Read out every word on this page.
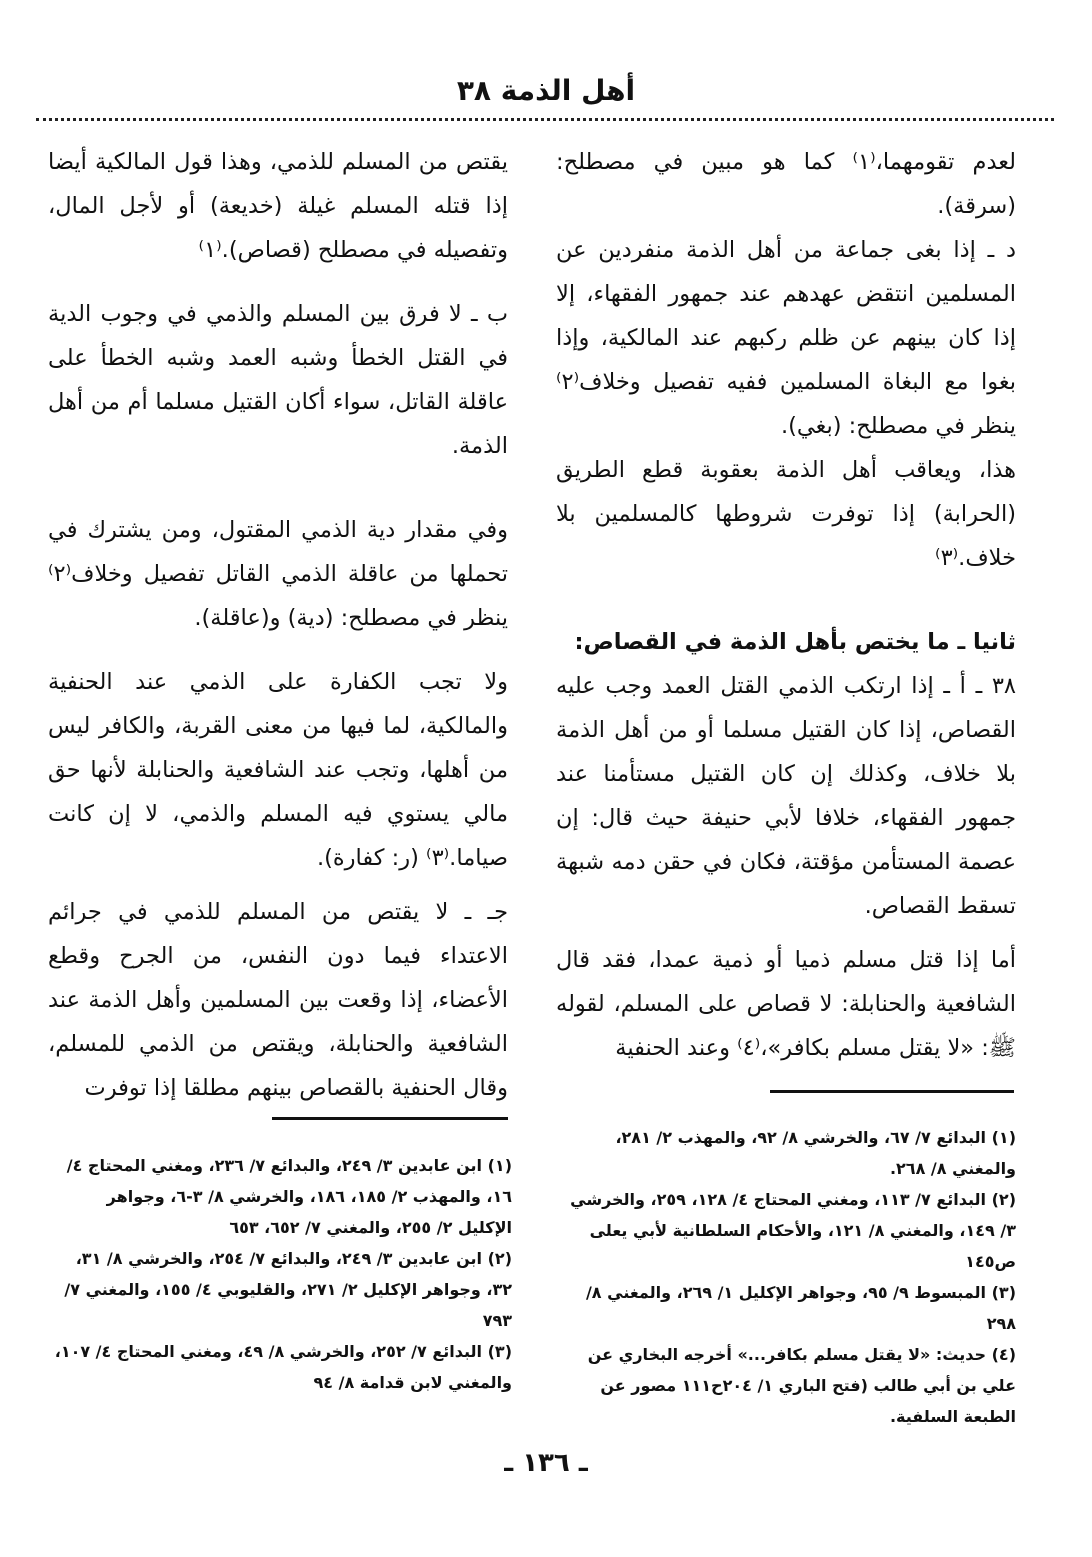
أهل الذمة ٣٨

لعدم تقومهما،⁽١⁾ كما هو مبين في مصطلح: (سرقة).

د ـ إذا بغى جماعة من أهل الذمة منفردين عن المسلمين انتقض عهدهم عند جمهور الفقهاء، إلا إذا كان بينهم عن ظلم ركبهم عند المالكية، وإذا بغوا مع البغاة المسلمين ففيه تفصيل وخلاف⁽٢⁾ ينظر في مصطلح: (بغي).

هذا، ويعاقب أهل الذمة بعقوبة قطع الطريق (الحرابة) إذا توفرت شروطها كالمسلمين بلا خلاف.⁽٣⁾

ثانيا ـ ما يختص بأهل الذمة في القصاص:

٣٨ ـ أ ـ إذا ارتكب الذمي القتل العمد وجب عليه القصاص، إذا كان القتيل مسلما أو من أهل الذمة بلا خلاف، وكذلك إن كان القتيل مستأمنا عند جمهور الفقهاء، خلافا لأبي حنيفة حيث قال: إن عصمة المستأمن مؤقتة، فكان في حقن دمه شبهة تسقط القصاص.

أما إذا قتل مسلم ذميا أو ذمية عمدا، فقد قال الشافعية والحنابلة: لا قصاص على المسلم، لقوله ﷺ: «لا يقتل مسلم بكافر»،⁽٤⁾ وعند الحنفية

يقتص من المسلم للذمي، وهذا قول المالكية أيضا إذا قتله المسلم غيلة (خديعة) أو لأجل المال، وتفصيله في مصطلح (قصاص).⁽١⁾

ب ـ لا فرق بين المسلم والذمي في وجوب الدية في القتل الخطأ وشبه العمد وشبه الخطأ على عاقلة القاتل، سواء أكان القتيل مسلما أم من أهل الذمة.

وفي مقدار دية الذمي المقتول، ومن يشترك في تحملها من عاقلة الذمي القاتل تفصيل وخلاف⁽٢⁾ ينظر في مصطلح: (دية) و(عاقلة).

ولا تجب الكفارة على الذمي عند الحنفية والمالكية، لما فيها من معنى القربة، والكافر ليس من أهلها، وتجب عند الشافعية والحنابلة لأنها حق مالي يستوي فيه المسلم والذمي، لا إن كانت صياما.⁽٣⁾ (ر: كفارة).

جـ ـ لا يقتص من المسلم للذمي في جرائم الاعتداء فيما دون النفس، من الجرح وقطع الأعضاء، إذا وقعت بين المسلمين وأهل الذمة عند الشافعية والحنابلة، ويقتص من الذمي للمسلم، وقال الحنفية بالقصاص بينهم مطلقا إذا توفرت

(١) البدائع ٧/ ٦٧، والخرشي ٨/ ٩٢، والمهذب ٢/ ٢٨١، والمغني ٨/ ٢٦٨.

(٢) البدائع ٧/ ١١٣، ومغني المحتاج ٤/ ١٢٨، ٢٥٩، والخرشي ٣/ ١٤٩، والمغني ٨/ ١٢١، والأحكام السلطانية لأبي يعلى ص١٤٥

(٣) المبسوط ٩/ ٩٥، وجواهر الإكليل ١/ ٢٦٩، والمغني ٨/ ٢٩٨

(٤) حديث: «لا يقتل مسلم بكافر...» أخرجه البخاري عن علي بن أبي طالب (فتح الباري ١/ ٢٠٤ح١١١ مصور عن الطبعة السلفية.

(١) ابن عابدين ٣/ ٢٤٩، والبدائع ٧/ ٢٣٦، ومغني المحتاج ٤/ ١٦، والمهذب ٢/ ١٨٥، ١٨٦، والخرشي ٨/ ٣-٦، وجواهر الإكليل ٢/ ٢٥٥، والمغني ٧/ ٦٥٢، ٦٥٣

(٢) ابن عابدين ٣/ ٢٤٩، والبدائع ٧/ ٢٥٤، والخرشي ٨/ ٣١، ٣٢، وجواهر الإكليل ٢/ ٢٧١، والقليوبي ٤/ ١٥٥، والمغني ٧/ ٧٩٣

(٣) البدائع ٧/ ٢٥٢، والخرشي ٨/ ٤٩، ومغني المحتاج ٤/ ١٠٧، والمغني لابن قدامة ٨/ ٩٤

ـ ١٣٦ ـ
